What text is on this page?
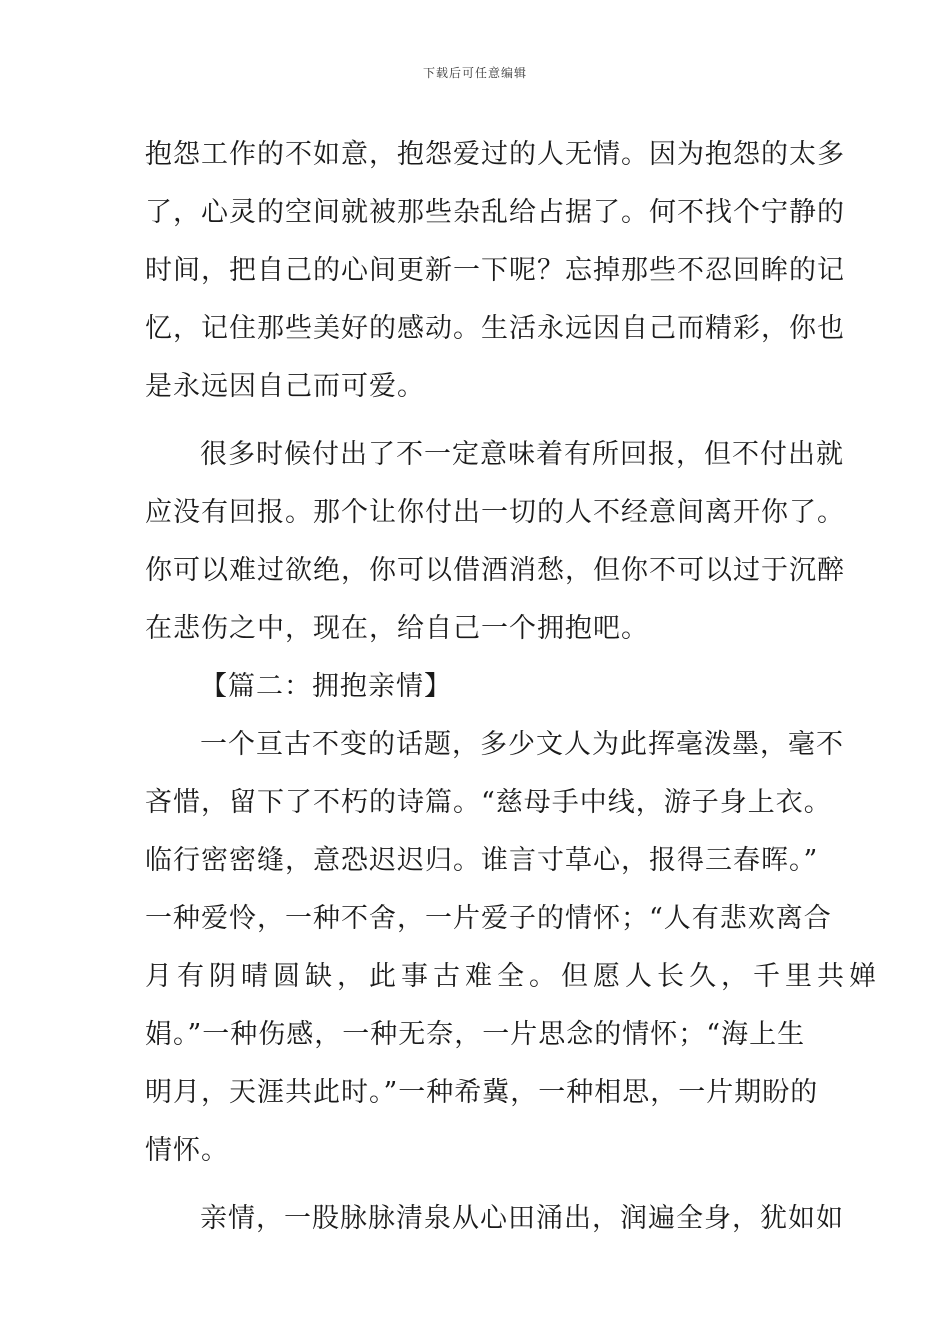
下载后可任意编辑
抱怨工作的不如意，抱怨爱过的人无情。因为抱怨的太多
了，心灵的空间就被那些杂乱给占据了。何不找个宁静的
时间，把自己的心间更新一下呢？忘掉那些不忍回眸的记
忆，记住那些美好的感动。生活永远因自己而精彩，你也
是永远因自己而可爱。
很多时候付出了不一定意味着有所回报，但不付出就
应没有回报。那个让你付出一切的人不经意间离开你了。
你可以难过欲绝，你可以借酒消愁，但你不可以过于沉醉
在悲伤之中，现在，给自己一个拥抱吧。
【篇二：拥抱亲情】
一个亘古不变的话题，多少文人为此挥毫泼墨，毫不
吝惜，留下了不朽的诗篇。“慈母手中线，游子身上衣。
临行密密缝，意恐迟迟归。谁言寸草心，报得三春晖。”
一种爱怜，一种不舍，一片爱子的情怀；“人有悲欢离合
月有阴晴圆缺，此事古难全。但愿人长久，千里共婵
娟。”一种伤感，一种无奈，一片思念的情怀；“海上生
明月，天涯共此时。”一种希冀，一种相思，一片期盼的
情怀。
亲情，一股脉脉清泉从心田涌出，润遍全身，犹如如
